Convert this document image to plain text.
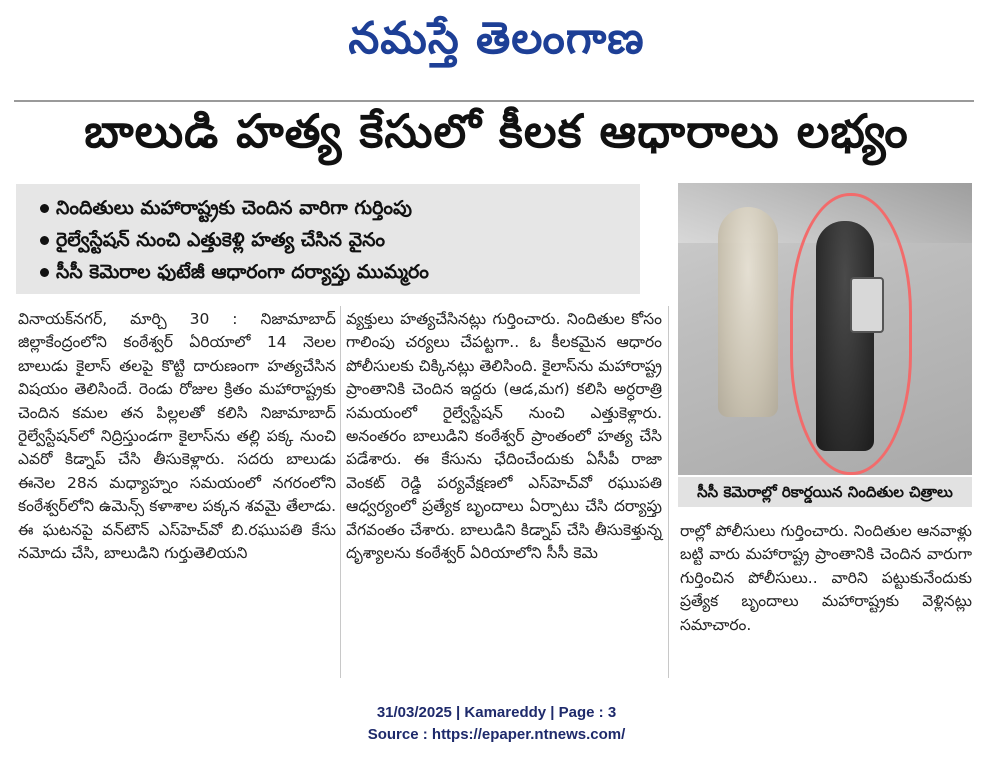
నమస్తే తెలంగాణ
బాలుడి హత్య కేసులో కీలక ఆధారాలు లభ్యం
నిందితులు మహారాష్ట్రకు చెందిన వారిగా గుర్తింపు
రైల్వేస్టేషన్ నుంచి ఎత్తుకెళ్లి హత్య చేసిన వైనం
సీసీ కెమెరాల ఫుటేజీ ఆధారంగా దర్యాప్తు ముమ్మరం

వినాయక్‌నగర్, మార్చి 30 : నిజామాబాద్ జిల్లాకేంద్రంలోని కంఠేశ్వర్ ఏరియాలో 14 నెలల బాలుడు కైలాస్ తలపై కొట్టి దారుణంగా హత్యచేసిన విషయం తెలిసిందే. రెండు రోజుల క్రితం మహారాష్ట్రకు చెందిన కమల తన పిల్లలతో కలిసి నిజామాబాద్ రైల్వేస్టేషన్‌లో నిద్రిస్తుండగా కైలాస్‌ను తల్లి పక్క నుంచి ఎవరో కిడ్నాప్ చేసి తీసుకెళ్లారు. సదరు బాలుడు ఈనెల 28న మధ్యాహ్నం సమయంలో నగరంలోని కంఠేశ్వర్‌లోని ఉమెన్స్ కళాశాల పక్కన శవమై తేలాడు. ఈ ఘటనపై వన్‌టౌన్ ఎస్‌హెచ్‌వో బి.రఘుపతి కేసు నమోదు చేసి, బాలుడిని గుర్తుతెలియని

వ్యక్తులు హత్యచేసినట్లు గుర్తించారు. నిందితుల కోసం గాలింపు చర్యలు చేపట్టగా.. ఓ కీలకమైన ఆధారం పోలీసులకు చిక్కినట్లు తెలిసింది. కైలాస్‌ను మహారాష్ట్ర ప్రాంతానికి చెందిన ఇద్దరు (ఆడ,మగ) కలిసి అర్ధరాత్రి సమయంలో రైల్వేస్టేషన్ నుంచి ఎత్తుకెళ్లారు. అనంతరం బాలుడిని కంఠేశ్వర్ ప్రాంతంలో హత్య చేసి పడేశారు. ఈ కేసును ఛేదించేందుకు ఏసీపీ రాజా వెంకట్ రెడ్డి పర్యవేక్షణలో ఎస్‌హెచ్‌వో రఘుపతి ఆధ్వర్యంలో ప్రత్యేక బృందాలు ఏర్పాటు చేసి దర్యాప్తు వేగవంతం చేశారు. బాలుడిని కిడ్నాప్ చేసి తీసుకెళ్తున్న దృశ్యాలను కంఠేశ్వర్ ఏరియాలోని సీసీ కెమె

సీసీ కెమెరాల్లో రికార్డయిన నిందితుల చిత్రాలు

రాల్లో పోలీసులు గుర్తించారు. నిందితుల ఆనవాళ్లు బట్టి వారు మహారాష్ట్ర ప్రాంతానికి చెందిన వారుగా గుర్తించిన పోలీసులు.. వారిని పట్టుకునేందుకు ప్రత్యేక బృందాలు మహారాష్ట్రకు వెళ్లినట్లు సమాచారం.

31/03/2025 | Kamareddy | Page : 3
Source : https://epaper.ntnews.com/
